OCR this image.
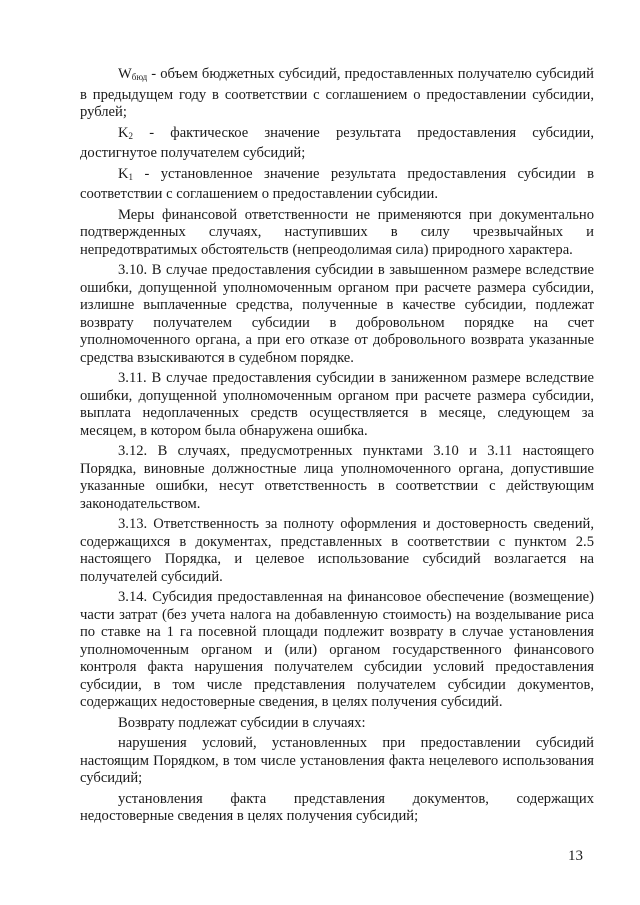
$W_{бюд}$ - объем бюджетных субсидий, предоставленных получателю субсидий в предыдущем году в соответствии с соглашением о предоставлении субсидии, рублей;

$K_2$ - фактическое значение результата предоставления субсидии, достигнутое получателем субсидий;

$K_1$ - установленное значение результата предоставления субсидии в соответствии с соглашением о предоставлении субсидии.

Меры финансовой ответственности не применяются при документально подтвержденных случаях, наступивших в силу чрезвычайных и непредотвратимых обстоятельств (непреодолимая сила) природного характера.

3.10. В случае предоставления субсидии в завышенном размере вследствие ошибки, допущенной уполномоченным органом при расчете размера субсидии, излишне выплаченные средства, полученные в качестве субсидии, подлежат возврату получателем субсидии в добровольном порядке на счет уполномоченного органа, а при его отказе от добровольного возврата указанные средства взыскиваются в судебном порядке.

3.11. В случае предоставления субсидии в заниженном размере вследствие ошибки, допущенной уполномоченным органом при расчете размера субсидии, выплата недоплаченных средств осуществляется в месяце, следующем за месяцем, в котором была обнаружена ошибка.

3.12. В случаях, предусмотренных пунктами 3.10 и 3.11 настоящего Порядка, виновные должностные лица уполномоченного органа, допустившие указанные ошибки, несут ответственность в соответствии с действующим законодательством.

3.13. Ответственность за полноту оформления и достоверность сведений, содержащихся в документах, представленных в соответствии с пунктом 2.5 настоящего Порядка, и целевое использование субсидий возлагается на получателей субсидий.

3.14. Субсидия предоставленная на финансовое обеспечение (возмещение) части затрат (без учета налога на добавленную стоимость) на возделывание риса по ставке на 1 га посевной площади подлежит возврату в случае установления уполномоченным органом и (или) органом государственного финансового контроля факта нарушения получателем субсидии условий предоставления субсидии, в том числе представления получателем субсидии документов, содержащих недостоверные сведения, в целях получения субсидий.

Возврату подлежат субсидии в случаях:

нарушения условий, установленных при предоставлении субсидий настоящим Порядком, в том числе установления факта нецелевого использования субсидий;

установления факта представления документов, содержащих недостоверные сведения в целях получения субсидий;

13
